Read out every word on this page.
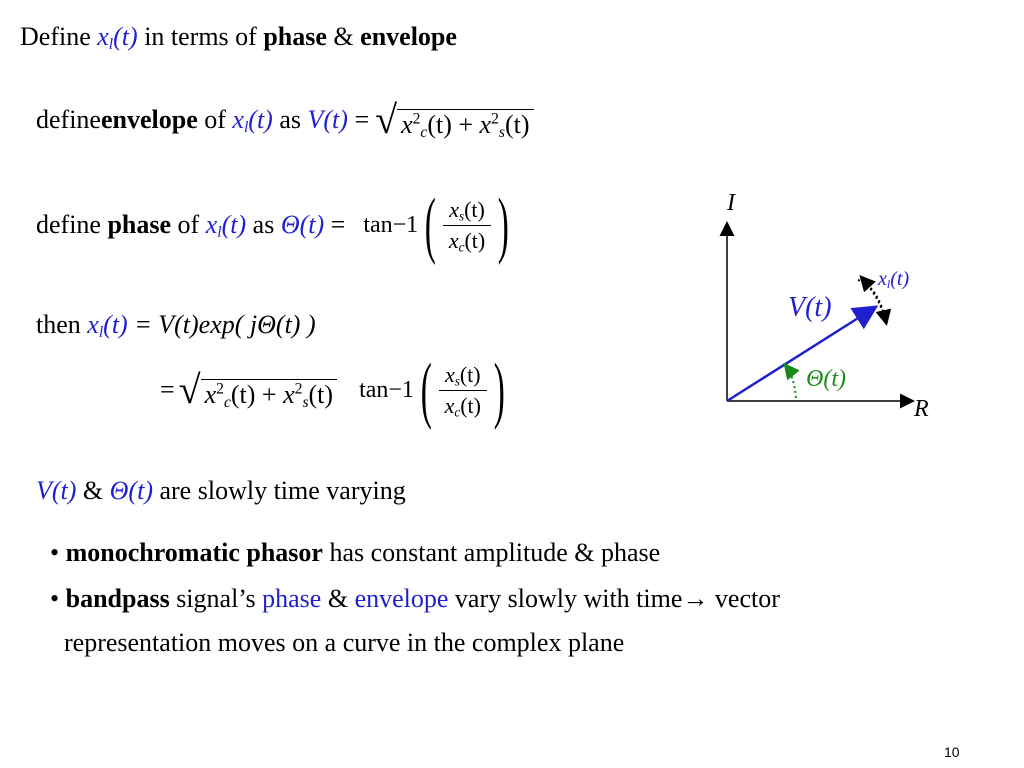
Define $x_l(t)$ in terms of phase & envelope
define envelope of $x_l(t)$ as V(t) = √ $x^2_c(t) + x^2_s(t)$
define phase of $x_l(t)$ as Θ(t) = tan−1 ( $\frac{x_s(t)}{x_c(t)}$ )
then $x_l(t) = V(t)\exp$( jΘ(t) )
= √ $x^2_c(t) + x^2_s(t)$ tan−1 ( $\frac{x_s(t)}{x_c(t)}$ )
V(t) & Θ(t) are slowly time varying
• monochromatic phasor has constant amplitude & phase
• bandpass signal’s phase & envelope vary slowly with time→ vector
representation moves on a curve in the complex plane
I
R
V(t)
Θ(t)
$x_l(t)$
10
